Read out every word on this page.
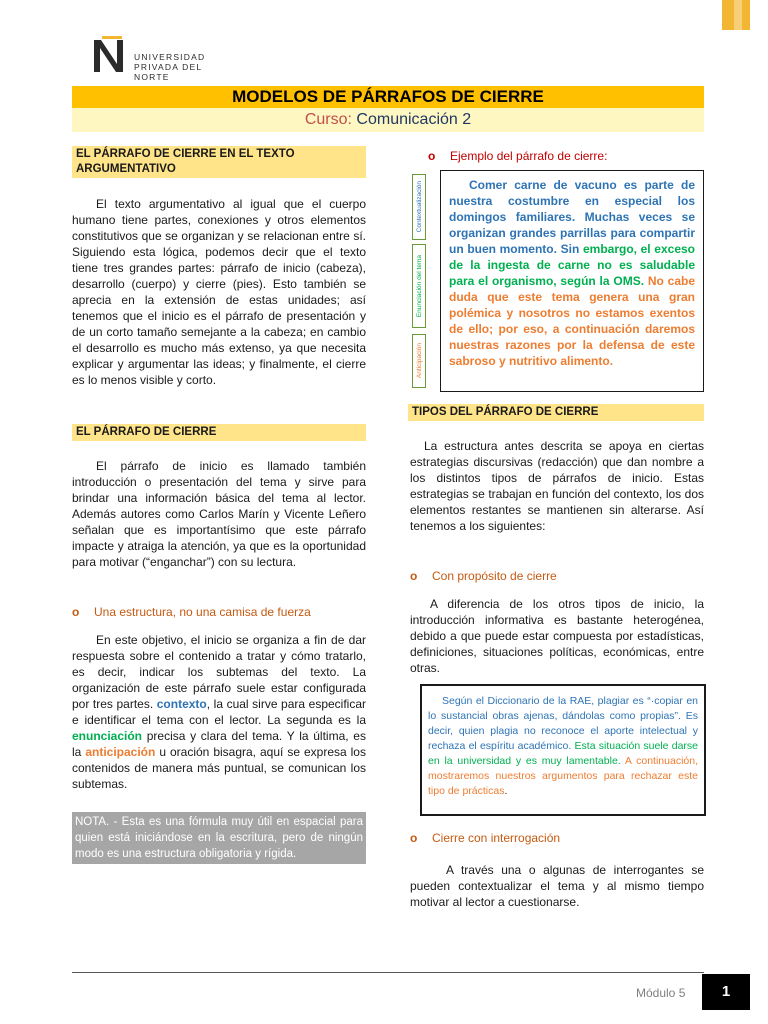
UNIVERSIDAD
PRIVADA DEL NORTE
MODELOS DE PÁRRAFOS DE CIERRE
Curso: Comunicación 2
EL PÁRRAFO DE CIERRE EN EL TEXTO ARGUMENTATIVO
El texto argumentativo al igual que el cuerpo humano tiene partes, conexiones y otros elementos constitutivos que se organizan y se relacionan entre sí. Siguiendo esta lógica, podemos decir que el texto tiene tres grandes partes: párrafo de inicio (cabeza), desarrollo (cuerpo) y cierre (pies). Esto también se aprecia en la extensión de estas unidades; así tenemos que el inicio es el párrafo de presentación y de un corto tamaño semejante a la cabeza; en cambio el desarrollo es mucho más extenso, ya que necesita explicar y argumentar las ideas; y finalmente, el cierre es lo menos visible y corto.
EL PÁRRAFO DE CIERRE
El párrafo de inicio es llamado también introducción o presentación del tema y sirve para brindar una información básica del tema al lector. Además autores como Carlos Marín y Vicente Leñero señalan que es importantísimo que este párrafo impacte y atraiga la atención, ya que es la oportunidad para motivar (“enganchar”) con su lectura.
o Una estructura, no una camisa de fuerza
En este objetivo, el inicio se organiza a fin de dar respuesta sobre el contenido a tratar y cómo tratarlo, es decir, indicar los subtemas del texto. La organización de este párrafo suele estar configurada por tres partes. contexto, la cual sirve para especificar e identificar el tema con el lector. La segunda es la enunciación precisa y clara del tema. Y la última, es la anticipación u oración bisagra, aquí se expresa los contenidos de manera más puntual, se comunican los subtemas.
NOTA. - Esta es una fórmula muy útil en espacial para quien está iniciándose en la escritura, pero de ningún modo es una estructura obligatoria y rígida.
o Ejemplo del párrafo de cierre:
Contextualización
Enunciación del tema
Anticipación
Comer carne de vacuno es parte de nuestra costumbre en especial los domingos familiares. Muchas veces se organizan grandes parrillas para compartir un buen momento. Sin embargo, el exceso de la ingesta de carne no es saludable para el organismo, según la OMS. No cabe duda que este tema genera una gran polémica y nosotros no estamos exentos de ello; por eso, a continuación daremos nuestras razones por la defensa de este sabroso y nutritivo alimento.
TIPOS DEL PÁRRAFO DE CIERRE
La estructura antes descrita se apoya en ciertas estrategias discursivas (redacción) que dan nombre a los distintos tipos de párrafos de inicio. Estas estrategias se trabajan en función del contexto, los dos elementos restantes se mantienen sin alterarse. Así tenemos a los siguientes:
o Con propósito de cierre
A diferencia de los otros tipos de inicio, la introducción informativa es bastante heterogénea, debido a que puede estar compuesta por estadísticas, definiciones, situaciones políticas, económicas, entre otras.
Según el Diccionario de la RAE, plagiar es “·copiar en lo sustancial obras ajenas, dándolas como propias”. Es decir, quien plagia no reconoce el aporte intelectual y rechaza el espíritu académico. Esta situación suele darse en la universidad y es muy lamentable. A continuación, mostraremos nuestros argumentos para rechazar este tipo de prácticas.
o Cierre con interrogación
A través una o algunas de interrogantes se pueden contextualizar el tema y al mismo tiempo motivar al lector a cuestionarse.
Módulo 5	1
